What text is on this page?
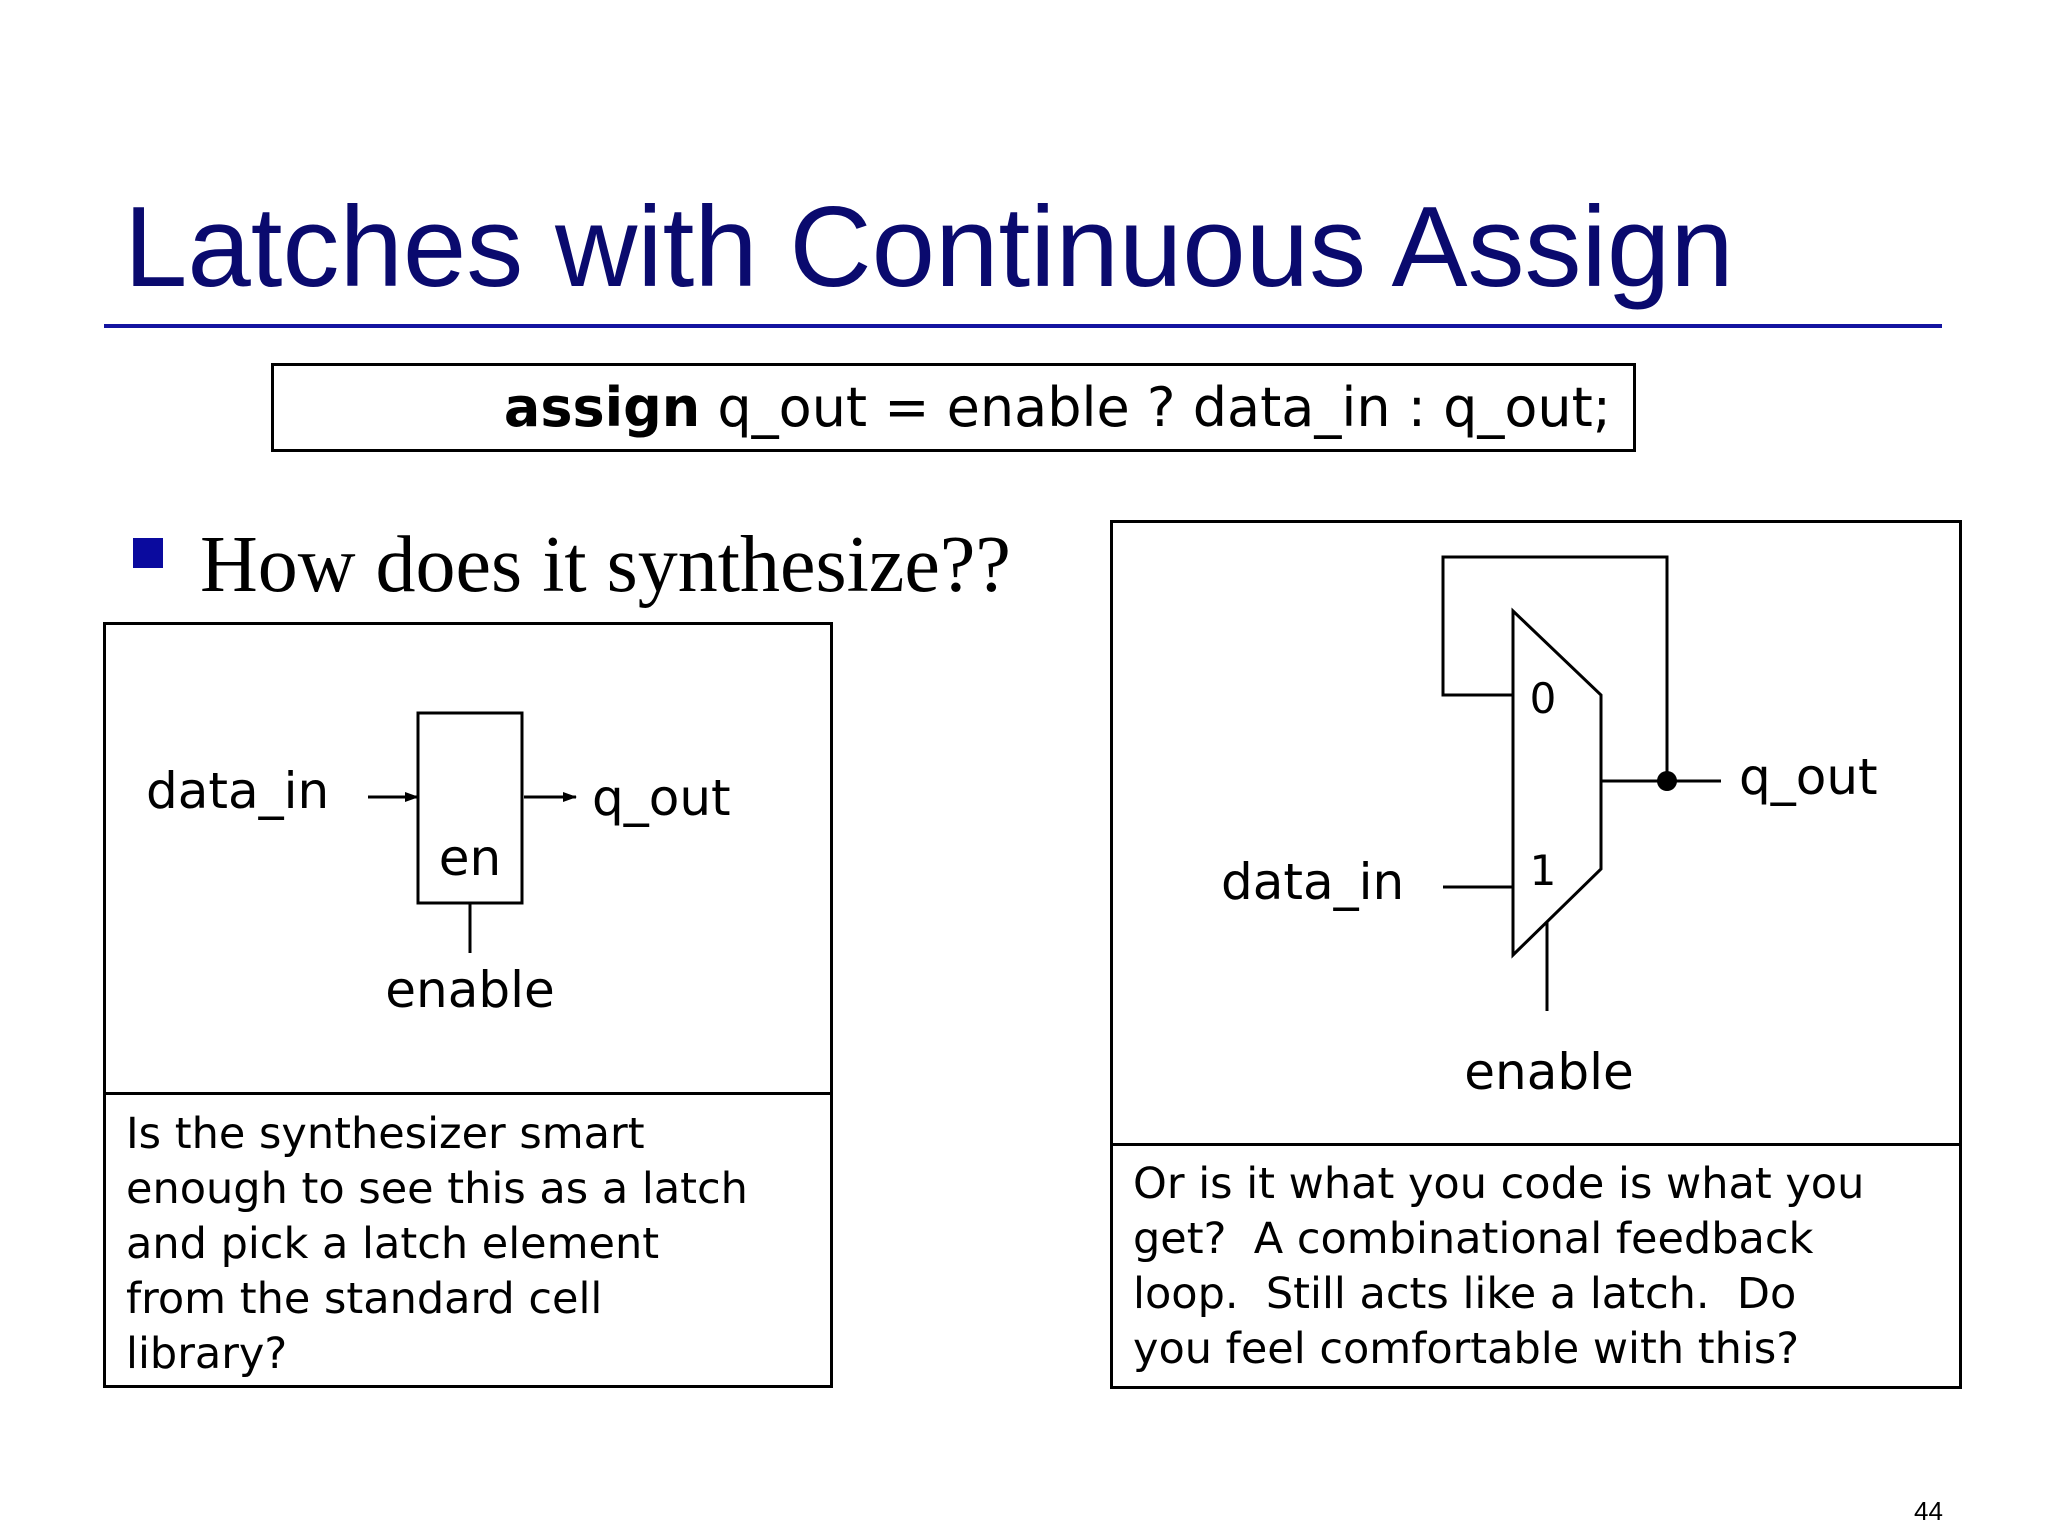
Latches with Continuous Assign
assign q_out = enable ? data_in : q_out;
How does it synthesize??
data_in	q_out
en
enable
Is the synthesizer smart
enough to see this as a latch
and pick a latch element
from the standard cell
library?
0
1
q_out
data_in
enable
Or is it what you code is what you
get?  A combinational feedback
loop.  Still acts like a latch.  Do
you feel comfortable with this?
44
